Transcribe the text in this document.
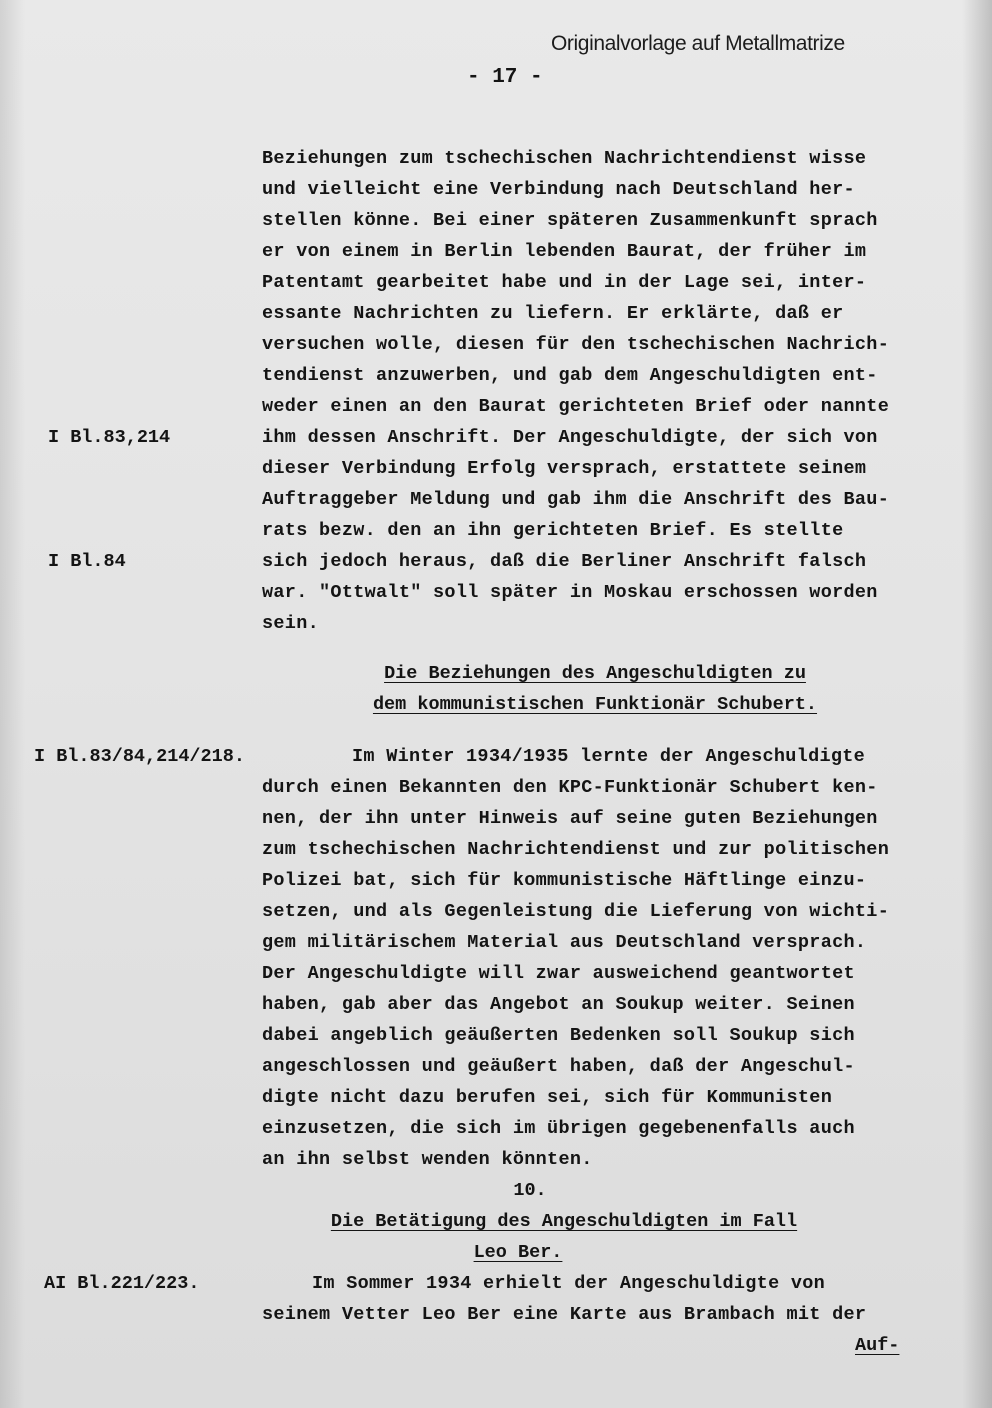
Originalvorlage auf Metallmatrize
- 17 -
Beziehungen zum tschechischen Nachrichtendienst wisse
und vielleicht eine Verbindung nach Deutschland her-
stellen könne. Bei einer späteren Zusammenkunft sprach
er von einem in Berlin lebenden Baurat, der früher im
Patentamt gearbeitet habe und in der Lage sei, inter-
essante Nachrichten zu liefern. Er erklärte, daß er
versuchen wolle, diesen für den tschechischen Nachrich-
tendienst anzuwerben, und gab dem Angeschuldigten ent-
weder einen an den Baurat gerichteten Brief oder nannte
ihm dessen Anschrift. Der Angeschuldigte, der sich von
dieser Verbindung Erfolg versprach, erstattete seinem
Auftraggeber Meldung und gab ihm die Anschrift des Bau-
rats bezw. den an ihn gerichteten Brief. Es stellte
sich jedoch heraus, daß die Berliner Anschrift falsch
war. "Ottwalt" soll später in Moskau erschossen worden
sein.
I Bl.83,214
I Bl.84
I Bl.83/84,214/218.
AI Bl.221/223.
Die Beziehungen des Angeschuldigten zu
dem kommunistischen Funktionär Schubert.
Im Winter 1934/1935 lernte der Angeschuldigte
durch einen Bekannten den KPC-Funktionär Schubert ken-
nen, der ihn unter Hinweis auf seine guten Beziehungen
zum tschechischen Nachrichtendienst und zur politischen
Polizei bat, sich für kommunistische Häftlinge einzu-
setzen, und als Gegenleistung die Lieferung von wichti-
gem militärischem Material aus Deutschland versprach.
Der Angeschuldigte will zwar ausweichend geantwortet
haben, gab aber das Angebot an Soukup weiter. Seinen
dabei angeblich geäußerten Bedenken soll Soukup sich
angeschlossen und geäußert haben, daß der Angeschul-
digte nicht dazu berufen sei, sich für Kommunisten
einzusetzen, die sich im übrigen gegebenenfalls auch
an ihn selbst wenden könnten.
10.
Die Betätigung des Angeschuldigten im Fall
Leo Ber.
Im Sommer 1934 erhielt der Angeschuldigte von
seinem Vetter Leo Ber eine Karte aus Brambach mit der
Auf-
